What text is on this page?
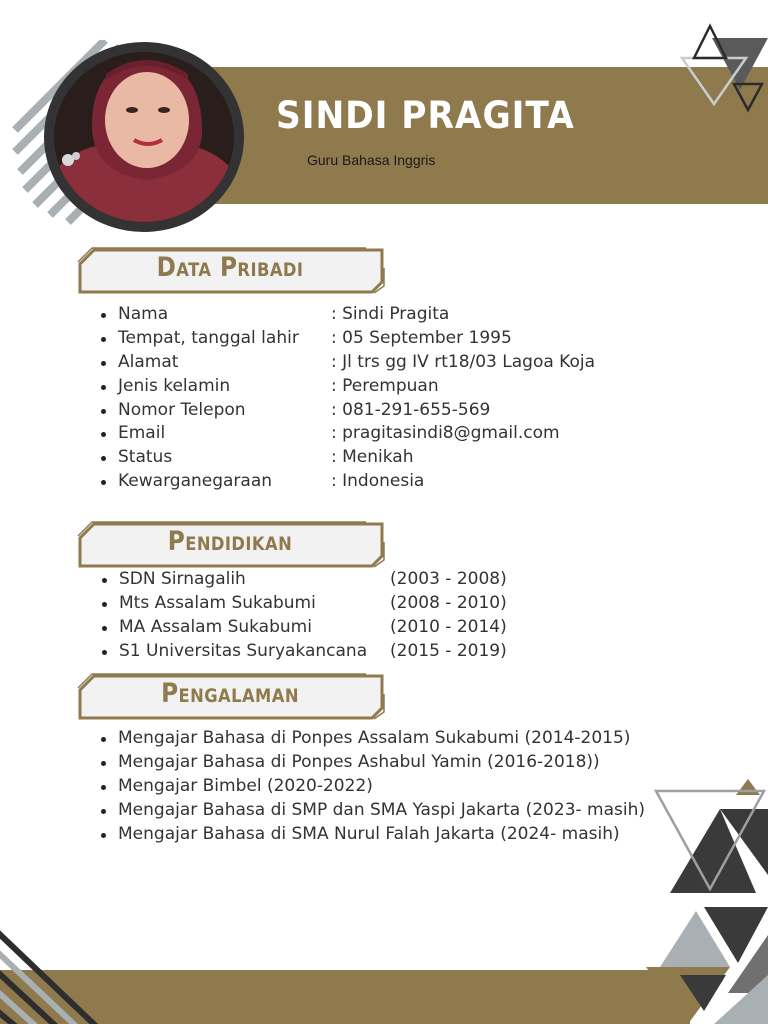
SINDI PRAGITA
Guru Bahasa Inggris
Data Pribadi
Nama	: Sindi Pragita
Tempat, tanggal lahir : 05 September 1995
Alamat	: Jl trs gg IV rt18/03 Lagoa Koja
Jenis kelamin	: Perempuan
Nomor Telepon	: 081-291-655-569
Email	: pragitasindi8@gmail.com
Status	: Menikah
Kewarganegaraan	: Indonesia
Pendidikan
SDN Sirnagalih	(2003 - 2008)
Mts Assalam Sukabumi	(2008 - 2010)
MA Assalam Sukabumi	(2010 - 2014)
S1 Universitas Suryakancana (2015 - 2019)
Pengalaman
Mengajar Bahasa di Ponpes Assalam Sukabumi (2014-2015)
Mengajar Bahasa di Ponpes Ashabul Yamin (2016-2018))
Mengajar Bimbel (2020-2022)
Mengajar Bahasa di SMP dan SMA Yaspi Jakarta (2023- masih)
Mengajar Bahasa di SMA Nurul Falah Jakarta (2024- masih)
